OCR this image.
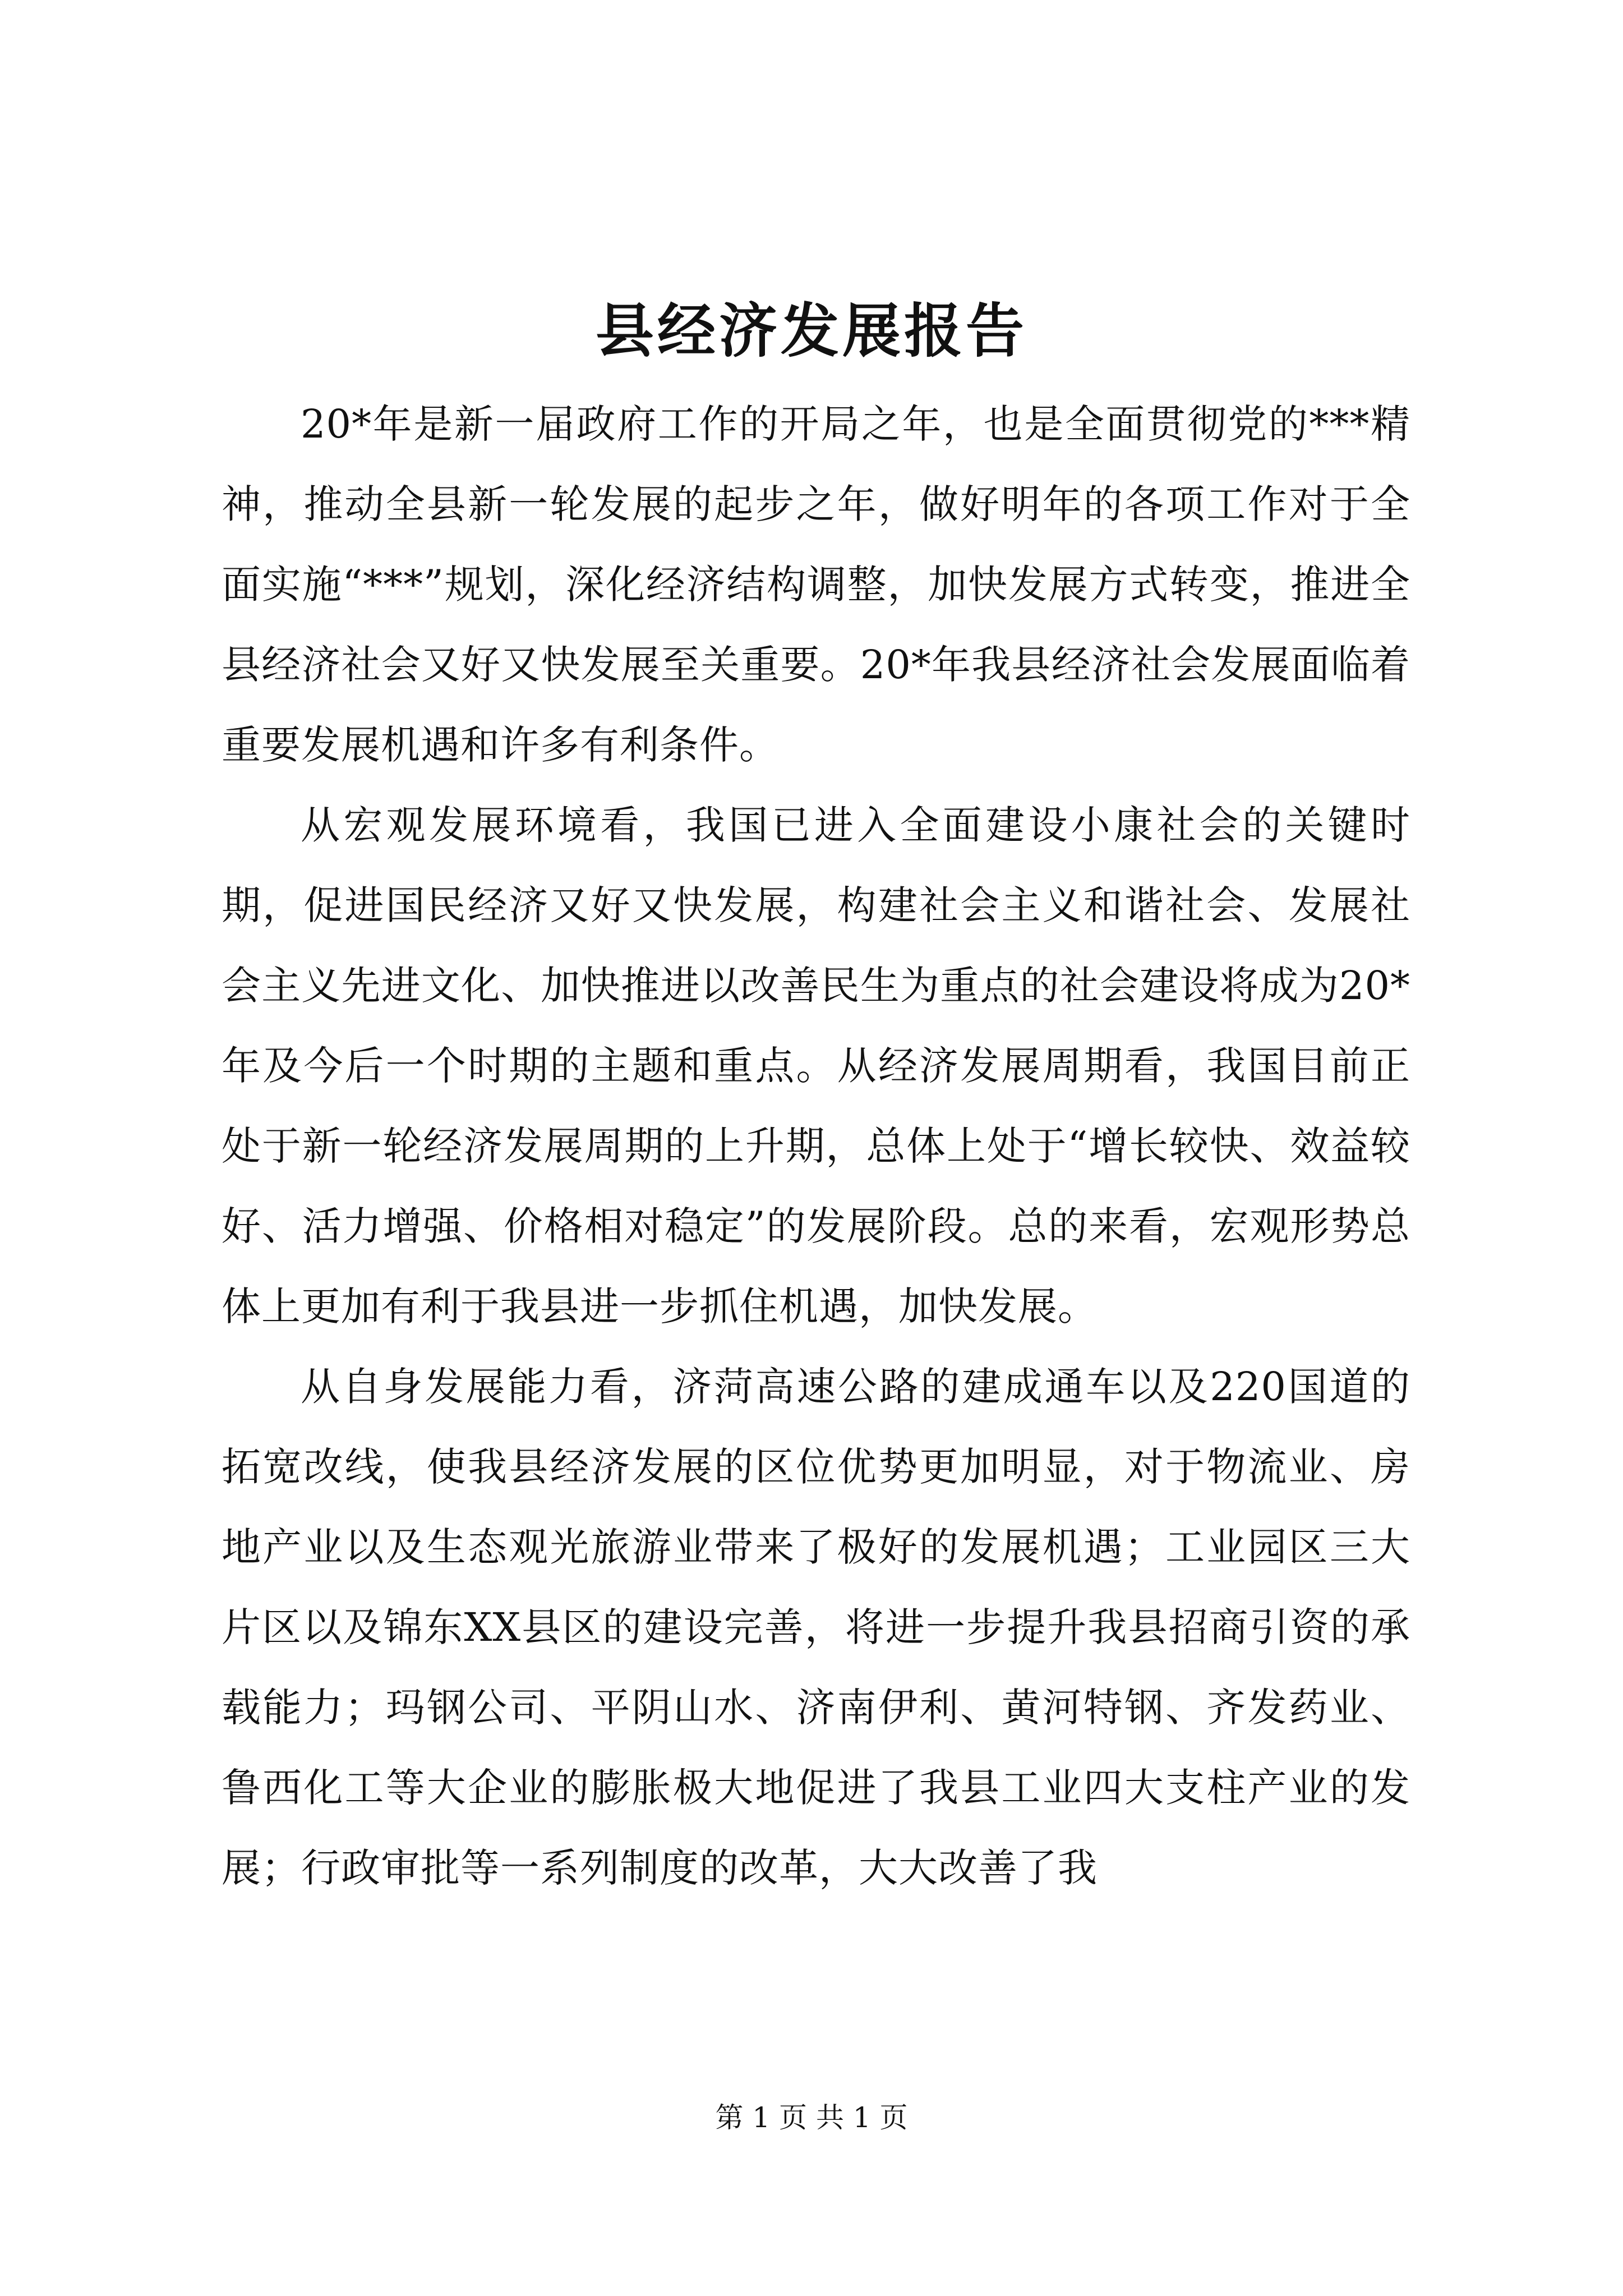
县经济发展报告

20*年是新一届政府工作的开局之年，也是全面贯彻党的***精神，推动全县新一轮发展的起步之年，做好明年的各项工作对于全面实施“***”规划，深化经济结构调整，加快发展方式转变，推进全县经济社会又好又快发展至关重要。20*年我县经济社会发展面临着重要发展机遇和许多有利条件。

从宏观发展环境看，我国已进入全面建设小康社会的关键时期，促进国民经济又好又快发展，构建社会主义和谐社会、发展社会主义先进文化、加快推进以改善民生为重点的社会建设将成为20*年及今后一个时期的主题和重点。从经济发展周期看，我国目前正处于新一轮经济发展周期的上升期，总体上处于“增长较快、效益较好、活力增强、价格相对稳定”的发展阶段。总的来看，宏观形势总体上更加有利于我县进一步抓住机遇，加快发展。

从自身发展能力看，济菏高速公路的建成通车以及220国道的拓宽改线，使我县经济发展的区位优势更加明显，对于物流业、房地产业以及生态观光旅游业带来了极好的发展机遇；工业园区三大片区以及锦东XX县区的建设完善，将进一步提升我县招商引资的承载能力；玛钢公司、平阴山水、济南伊利、黄河特钢、齐发药业、鲁西化工等大企业的膨胀极大地促进了我县工业四大支柱产业的发展；行政审批等一系列制度的改革，大大改善了我

第 1 页 共 1 页
